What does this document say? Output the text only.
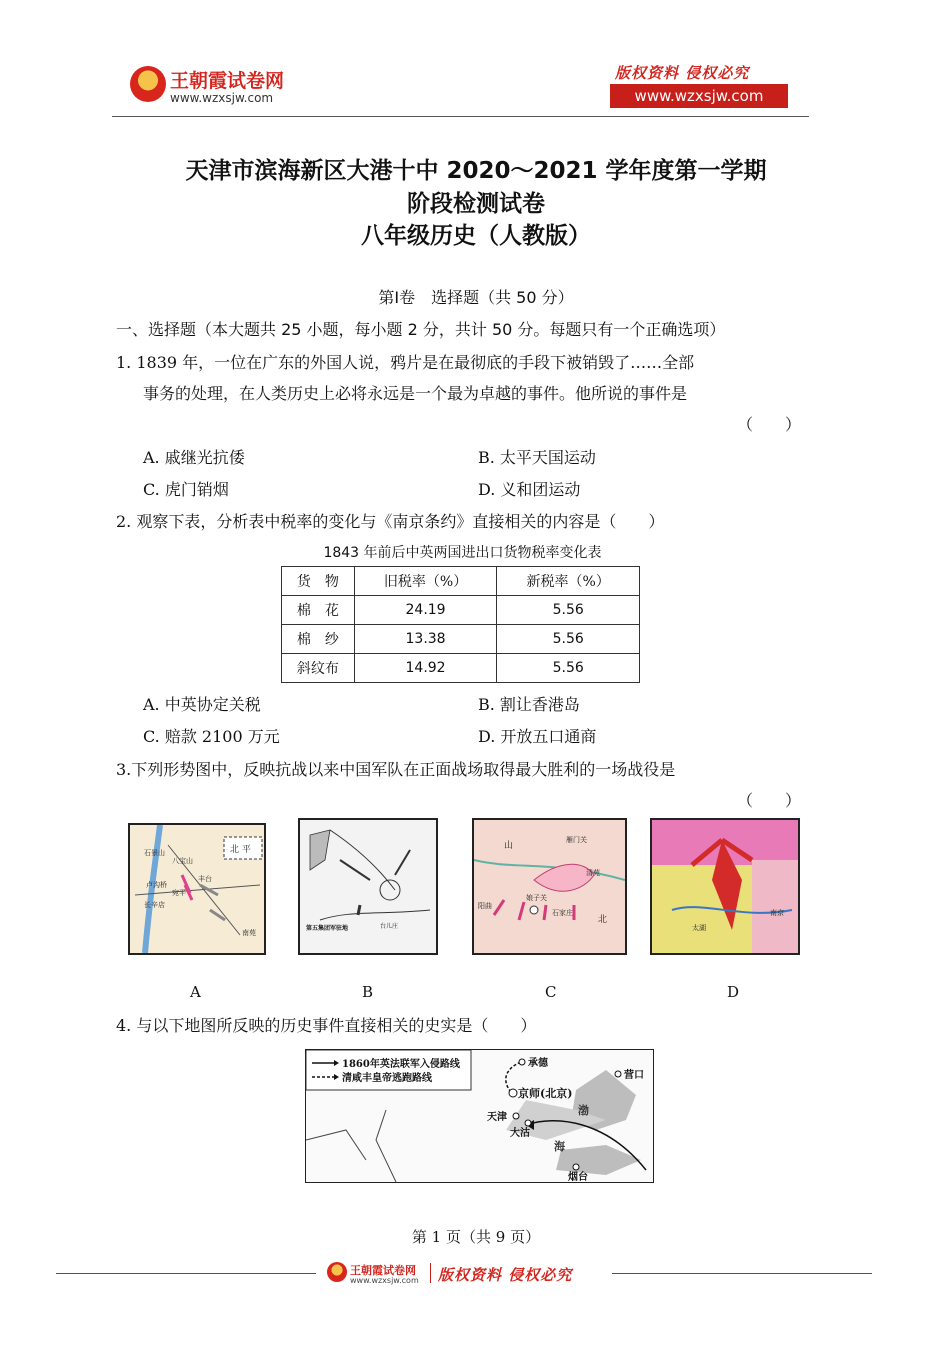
王朝霞试卷网
www.wzxsjw.com
版权资料 侵权必究
www.wzxsjw.com
天津市滨海新区大港十中 2020～2021 学年度第一学期
阶段检测试卷
八年级历史（人教版）
第Ⅰ卷　选择题（共 50 分）
一、选择题（本大题共 25 小题，每小题 2 分，共计 50 分。每题只有一个正确选项）
1. 1839 年，一位在广东的外国人说，鸦片是在最彻底的手段下被销毁了……全部
事务的处理，在人类历史上必将永远是一个最为卓越的事件。他所说的事件是
（　　）
A. 戚继光抗倭	B. 太平天国运动
C. 虎门销烟	D. 义和团运动
2. 观察下表，分析表中税率的变化与《南京条约》直接相关的内容是（　　）
1843 年前后中英两国进出口货物税率变化表
货　物	旧税率（%）	新税率（%）
棉　花	24.19	5.56
棉　纱	13.38	5.56
斜纹布	14.92	5.56
A. 中英协定关税	B. 割让香港岛
C. 赔款 2100 万元	D. 开放五口通商
3.下列形势图中，反映抗战以来中国军队在正面战场取得最大胜利的一场战役是
（　　）
石景山
八宝山
北 平
卢沟桥
宛平
长辛店
南苑
丰台
第五集团军驻地	台儿庄
山
雁门关
清苑
娘子关
石家庄
北
阳曲
南京
太湖
A	B	C	D
4. 与以下地图所反映的历史事件直接相关的史实是（　　）
1860年英法联军入侵路线
清咸丰皇帝逃跑路线
承德
营口
京师(北京)
天津
大沽
渤
海
烟台
第 1 页（共 9 页）
王朝霞试卷网
www.wzxsjw.com 版权资料 侵权必究
